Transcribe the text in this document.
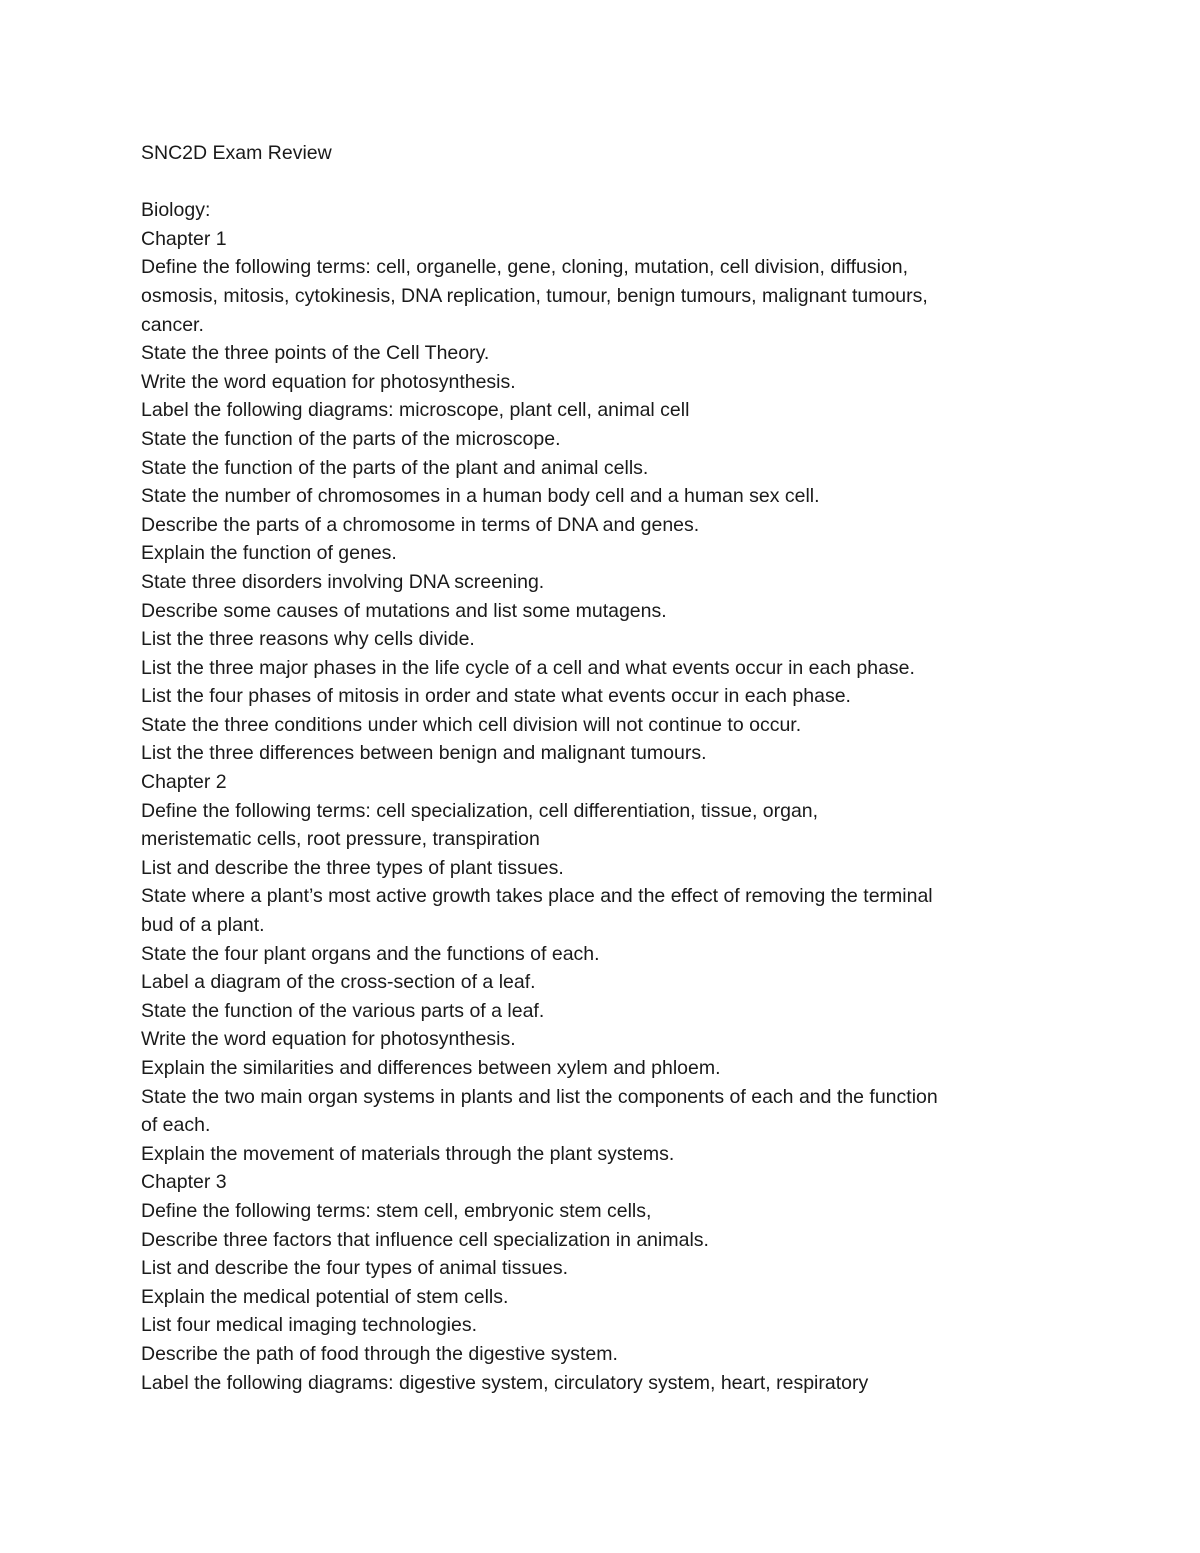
SNC2D Exam Review
Biology:
Chapter 1
Define the following terms: cell, organelle, gene, cloning, mutation, cell division, diffusion,
osmosis, mitosis, cytokinesis, DNA replication, tumour, benign tumours, malignant tumours,
cancer.
State the three points of the Cell Theory.
Write the word equation for photosynthesis.
Label the following diagrams: microscope, plant cell, animal cell
State the function of the parts of the microscope.
State the function of the parts of the plant and animal cells.
State the number of chromosomes in a human body cell and a human sex cell.
Describe the parts of a chromosome in terms of DNA and genes.
Explain the function of genes.
State three disorders involving DNA screening.
Describe some causes of mutations and list some mutagens.
List the three reasons why cells divide.
List the three major phases in the life cycle of a cell and what events occur in each phase.
List the four phases of mitosis in order and state what events occur in each phase.
State the three conditions under which cell division will not continue to occur.
List the three differences between benign and malignant tumours.
Chapter 2
Define the following terms: cell specialization, cell differentiation, tissue, organ,
meristematic cells, root pressure, transpiration
List and describe the three types of plant tissues.
State where a plant’s most active growth takes place and the effect of removing the terminal
bud of a plant.
State the four plant organs and the functions of each.
Label a diagram of the cross-section of a leaf.
State the function of the various parts of a leaf.
Write the word equation for photosynthesis.
Explain the similarities and differences between xylem and phloem.
State the two main organ systems in plants and list the components of each and the function
of each.
Explain the movement of materials through the plant systems.
Chapter 3
Define the following terms: stem cell, embryonic stem cells,
Describe three factors that influence cell specialization in animals.
List and describe the four types of animal tissues.
Explain the medical potential of stem cells.
List four medical imaging technologies.
Describe the path of food through the digestive system.
Label the following diagrams: digestive system, circulatory system, heart, respiratory
